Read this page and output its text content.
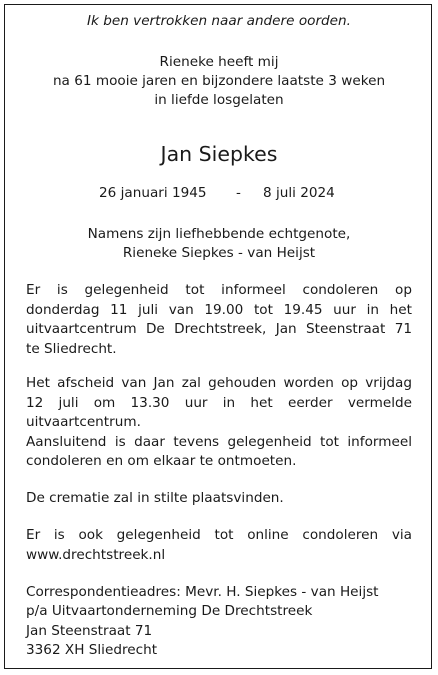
Ik ben vertrokken naar andere oorden.
Rieneke heeft mij
na 61 mooie jaren en bijzondere laatste 3 weken
in liefde losgelaten
Jan Siepkes
26 januari 1945 - 8 juli 2024
Namens zijn liefhebbende echtgenote,
Rieneke Siepkes - van Heijst
Er is gelegenheid tot informeel condoleren op
donderdag 11 juli van 19.00 tot 19.45 uur in het
uitvaartcentrum De Drechtstreek, Jan Steenstraat 71
te Sliedrecht.
Het afscheid van Jan zal gehouden worden op vrijdag
12 juli om 13.30 uur in het eerder vermelde
uitvaartcentrum.
Aansluitend is daar tevens gelegenheid tot informeel
condoleren en om elkaar te ontmoeten.
De crematie zal in stilte plaatsvinden.
Er is ook gelegenheid tot online condoleren via
www.drechtstreek.nl
Correspondentieadres: Mevr. H. Siepkes - van Heijst
p/a Uitvaartonderneming De Drechtstreek
Jan Steenstraat 71
3362 XH Sliedrecht
